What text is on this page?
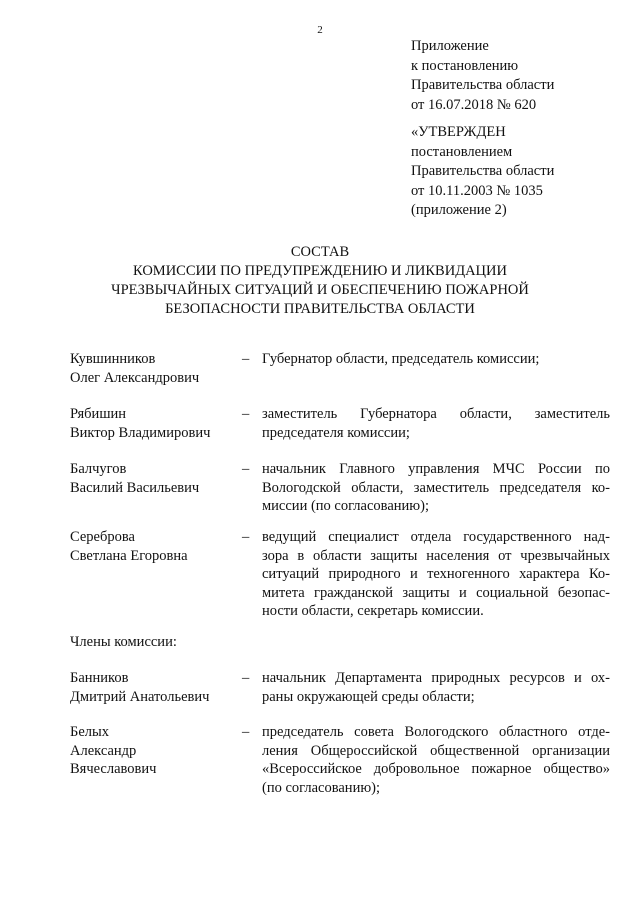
2
Приложение
к постановлению
Правительства области
от 16.07.2018 № 620
«УТВЕРЖДЕН
постановлением
Правительства области
от 10.11.2003 № 1035
(приложение 2)
СОСТАВ
КОМИССИИ ПО ПРЕДУПРЕЖДЕНИЮ И ЛИКВИДАЦИИ
ЧРЕЗВЫЧАЙНЫХ СИТУАЦИЙ И ОБЕСПЕЧЕНИЮ ПОЖАРНОЙ
БЕЗОПАСНОСТИ ПРАВИТЕЛЬСТВА ОБЛАСТИ
Кувшинников
Олег Александрович
– Губернатор области, председатель комиссии;
Рябишин
Виктор Владимирович
– заместитель Губернатора области, заместитель
председателя комиссии;
Балчугов
Василий Васильевич
– начальник Главного управления МЧС России по
Вологодской области, заместитель председателя ко-
миссии (по согласованию);
Сереброва
Светлана Егоровна
– ведущий специалист отдела государственного над-
зора в области защиты населения от чрезвычайных
ситуаций природного и техногенного характера Ко-
митета гражданской защиты и социальной безопас-
ности области, секретарь комиссии.
Члены комиссии:
Банников
Дмитрий Анатольевич
– начальник Департамента природных ресурсов и ох-
раны окружающей среды области;
Белых
Александр
Вячеславович
– председатель совета Вологодского областного отде-
ления Общероссийской общественной организации
«Всероссийское добровольное пожарное общество»
(по согласованию);
